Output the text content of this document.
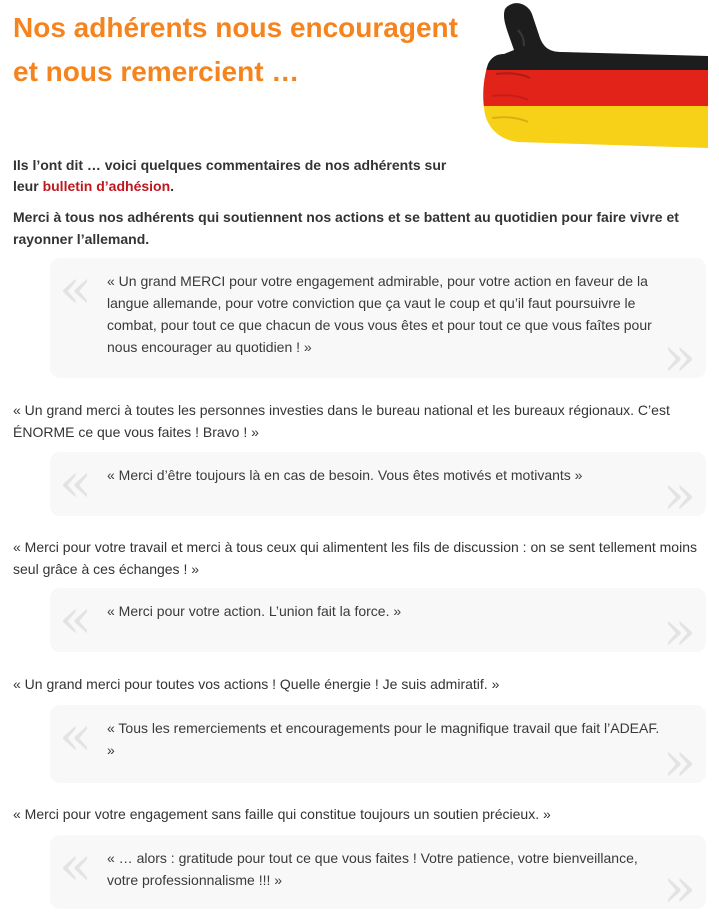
Nos adhérents nous encouragent et nous remercient …
Ils l’ont dit … voici quelques commentaires de nos adhérents sur leur bulletin d’adhésion.
Merci à tous nos adhérents qui soutiennent nos actions et se battent au quotidien pour faire vivre et rayonner l’allemand.
« « Un grand MERCI pour votre engagement admirable, pour votre action en faveur de la langue allemande, pour votre conviction que ça vaut le coup et qu’il faut poursuivre le combat, pour tout ce que chacun de vous vous êtes et pour tout ce que vous faîtes pour nous encourager au quotidien ! »	»
« Un grand merci à toutes les personnes investies dans le bureau national et les bureaux régionaux. C’est ÉNORME ce que vous faites ! Bravo ! »
« « Merci d’être toujours là en cas de besoin. Vous êtes motivés et motivants »	»
« Merci pour votre travail et merci à tous ceux qui alimentent les fils de discussion : on se sent tellement moins seul grâce à ces échanges ! »
« « Merci pour votre action. L’union fait la force. »	»
« Un grand merci pour toutes vos actions ! Quelle énergie ! Je suis admiratif. »
« « Tous les remerciements et encouragements pour le magnifique travail que fait l’ADEAF. »	»
« Merci pour votre engagement sans faille qui constitue toujours un soutien précieux. »
« « … alors : gratitude pour tout ce que vous faites ! Votre patience, votre bienveillance, votre professionnalisme !!! »	»
